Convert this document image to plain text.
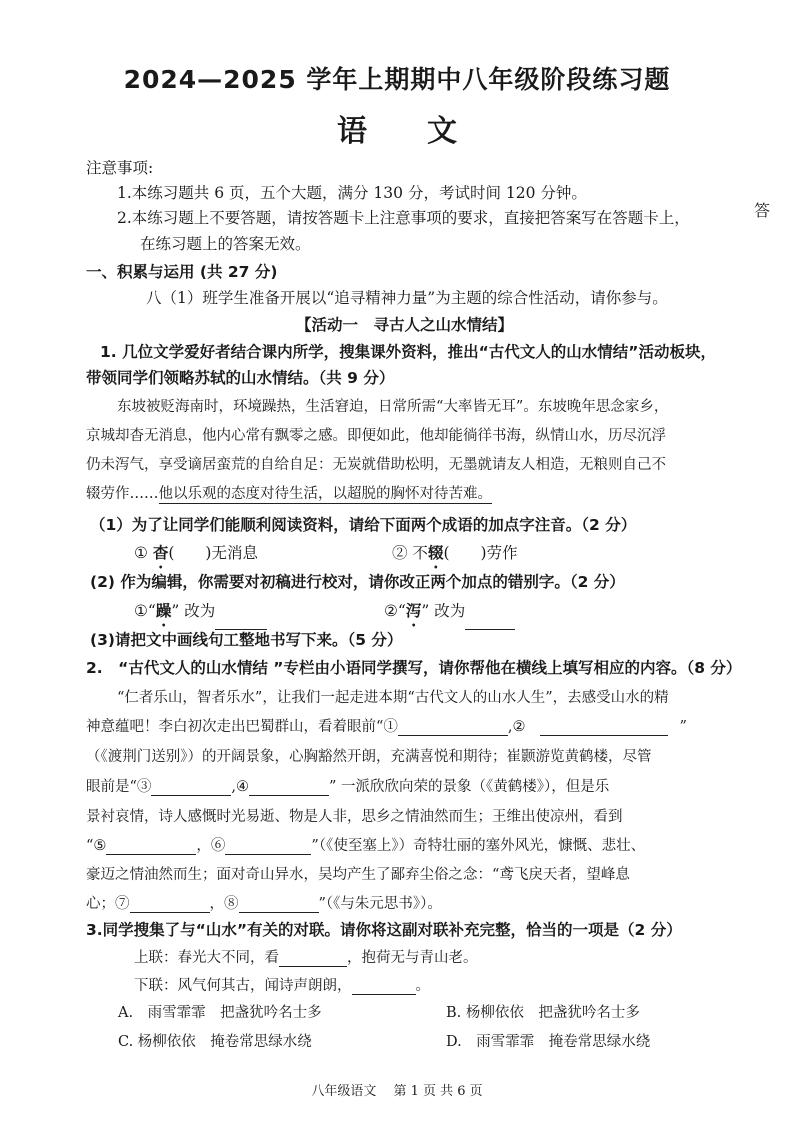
2024—2025 学年上期期中八年级阶段练习题
语文
注意事项:
1.本练习题共 6 页，五个大题，满分 130 分，考试时间 120 分钟。
2.本练习题上不要答题，请按答题卡上注意事项的要求，直接把答案写在答题卡上，	答
在练习题上的答案无效。
一、积累与运用 (共 27 分)
八（1）班学生准备开展以“追寻精神力量”为主题的综合性活动，请你参与。
【活动一　寻古人之山水情结】
1. 几位文学爱好者结合课内所学，搜集课外资料，推出“古代文人的山水情结”活动板块，
带领同学们领略苏轼的山水情结。（共 9 分）
东坡被贬海南时，环境躁热，生活窘迫，日常所需“大率皆无耳”。东坡晚年思念家乡，
京城却杳无消息，他内心常有飘零之感。即便如此，他却能徜徉书海，纵情山水，历尽沉浮
仍未泻气，享受谪居蛮荒的自给自足：无炭就借助松明，无墨就请友人相造，无粮则自己不
辍劳作……他以乐观的态度对待生活，以超脱的胸怀对待苦难。
（1）为了让同学们能顺利阅读资料，请给下面两个成语的加点字注音。（2 分）
① 杳(　　)无消息	② 不辍(　　)劳作
(2) 作为编辑，你需要对初稿进行校对，请你改正两个加点的错别字。（2 分）
①“躁” 改为	②“泻” 改为
(3)请把文中画线句工整地书写下来。（5 分）
2.　“古代文人的山水情结 ”专栏由小语同学撰写，请你帮他在横线上填写相应的内容。（8 分）
“仁者乐山，智者乐水”，让我们一起走进本期“古代文人的山水人生”，去感受山水的精
神意蕴吧！李白初次走出巴蜀群山，看着眼前“①	,②	”
（《渡荆门送别》）的开阔景象，心胸豁然开朗，充满喜悦和期待；崔颢游览黄鹤楼，尽管
眼前是“③	,④	” 一派欣欣向荣的景象（《黄鹤楼》），但是乐
景衬哀情，诗人感慨时光易逝、物是人非，思乡之情油然而生；王维出使凉州，看到
“⑤	，⑥	”（《使至塞上》）奇特壮丽的塞外风光，慷慨、悲壮、
豪迈之情油然而生；面对奇山异水，吴均产生了鄙弃尘俗之念：“鸢飞戾天者，望峰息
心；⑦	，⑧	”（《与朱元思书》）。
3.同学搜集了与“山水”有关的对联。请你将这副对联补充完整，恰当的一项是（2 分）
上联：春光大不同，看	，抱荷无与青山老。
下联：风气何其古，闻诗声朗朗，	。
A.　雨雪霏霏　把盏犹吟名士多	B. 杨柳依依　把盏犹吟名士多
C. 杨柳依依　掩卷常思绿水绕	D.　雨雪霏霏　掩卷常思绿水绕
八年级语文　 第 1 页 共 6 页
